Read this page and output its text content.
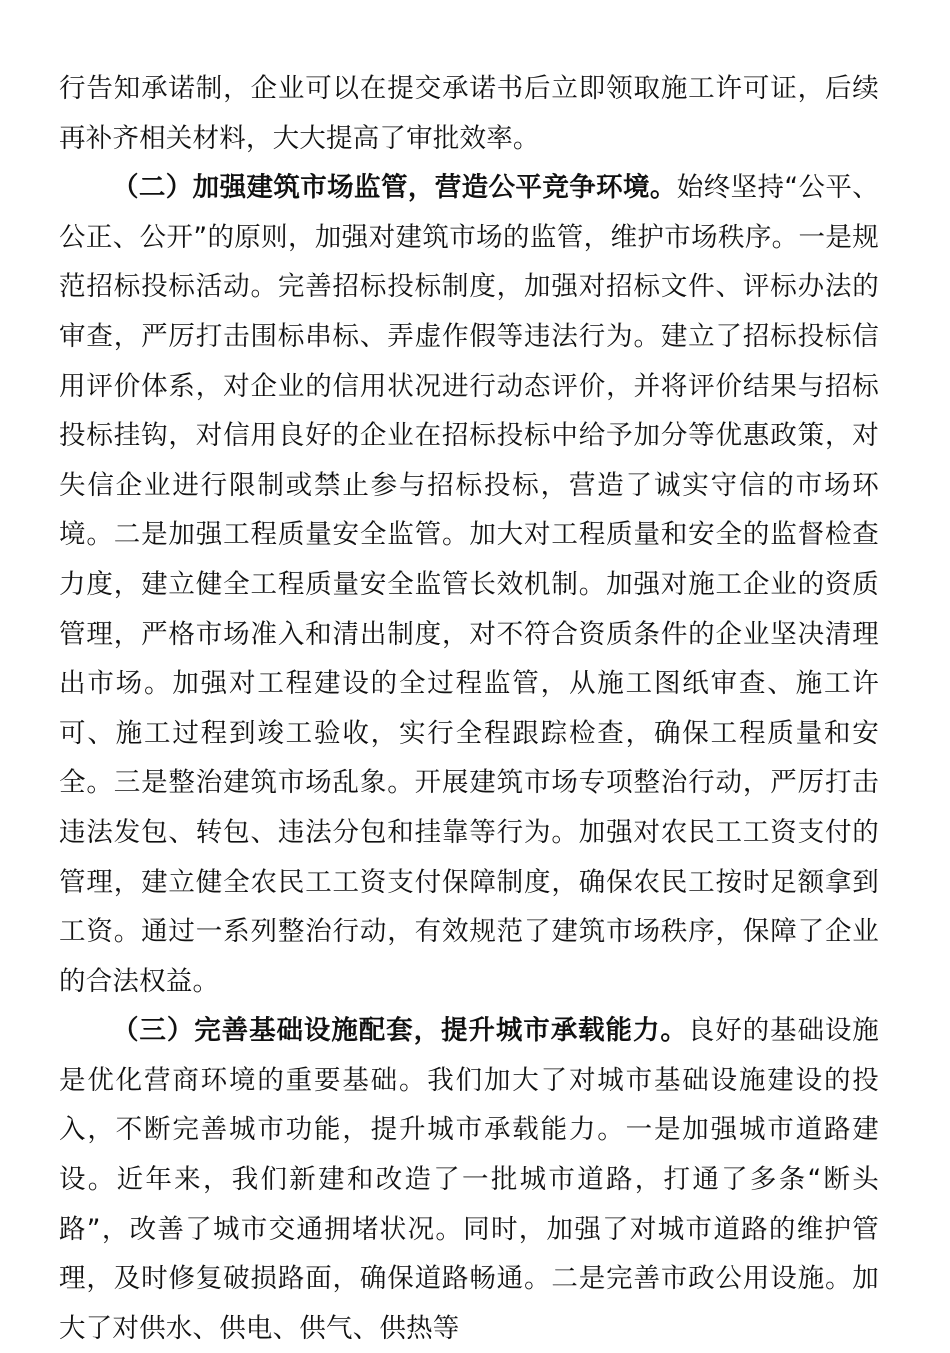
行告知承诺制，企业可以在提交承诺书后立即领取施工许可证，后续再补齐相关材料，大大提高了审批效率。

（二）加强建筑市场监管，营造公平竞争环境。始终坚持“公平、公正、公开”的原则，加强对建筑市场的监管，维护市场秩序。一是规范招标投标活动。完善招标投标制度，加强对招标文件、评标办法的审查，严厉打击围标串标、弄虚作假等违法行为。建立了招标投标信用评价体系，对企业的信用状况进行动态评价，并将评价结果与招标投标挂钩，对信用良好的企业在招标投标中给予加分等优惠政策，对失信企业进行限制或禁止参与招标投标，营造了诚实守信的市场环境。二是加强工程质量安全监管。加大对工程质量和安全的监督检查力度，建立健全工程质量安全监管长效机制。加强对施工企业的资质管理，严格市场准入和清出制度，对不符合资质条件的企业坚决清理出市场。加强对工程建设的全过程监管，从施工图纸审查、施工许可、施工过程到竣工验收，实行全程跟踪检查，确保工程质量和安全。三是整治建筑市场乱象。开展建筑市场专项整治行动，严厉打击违法发包、转包、违法分包和挂靠等行为。加强对农民工工资支付的管理，建立健全农民工工资支付保障制度，确保农民工按时足额拿到工资。通过一系列整治行动，有效规范了建筑市场秩序，保障了企业的合法权益。

（三）完善基础设施配套，提升城市承载能力。良好的基础设施是优化营商环境的重要基础。我们加大了对城市基础设施建设的投入，不断完善城市功能，提升城市承载能力。一是加强城市道路建设。近年来，我们新建和改造了一批城市道路，打通了多条“断头路”，改善了城市交通拥堵状况。同时，加强了对城市道路的维护管理，及时修复破损路面，确保道路畅通。二是完善市政公用设施。加大了对供水、供电、供气、供热等
